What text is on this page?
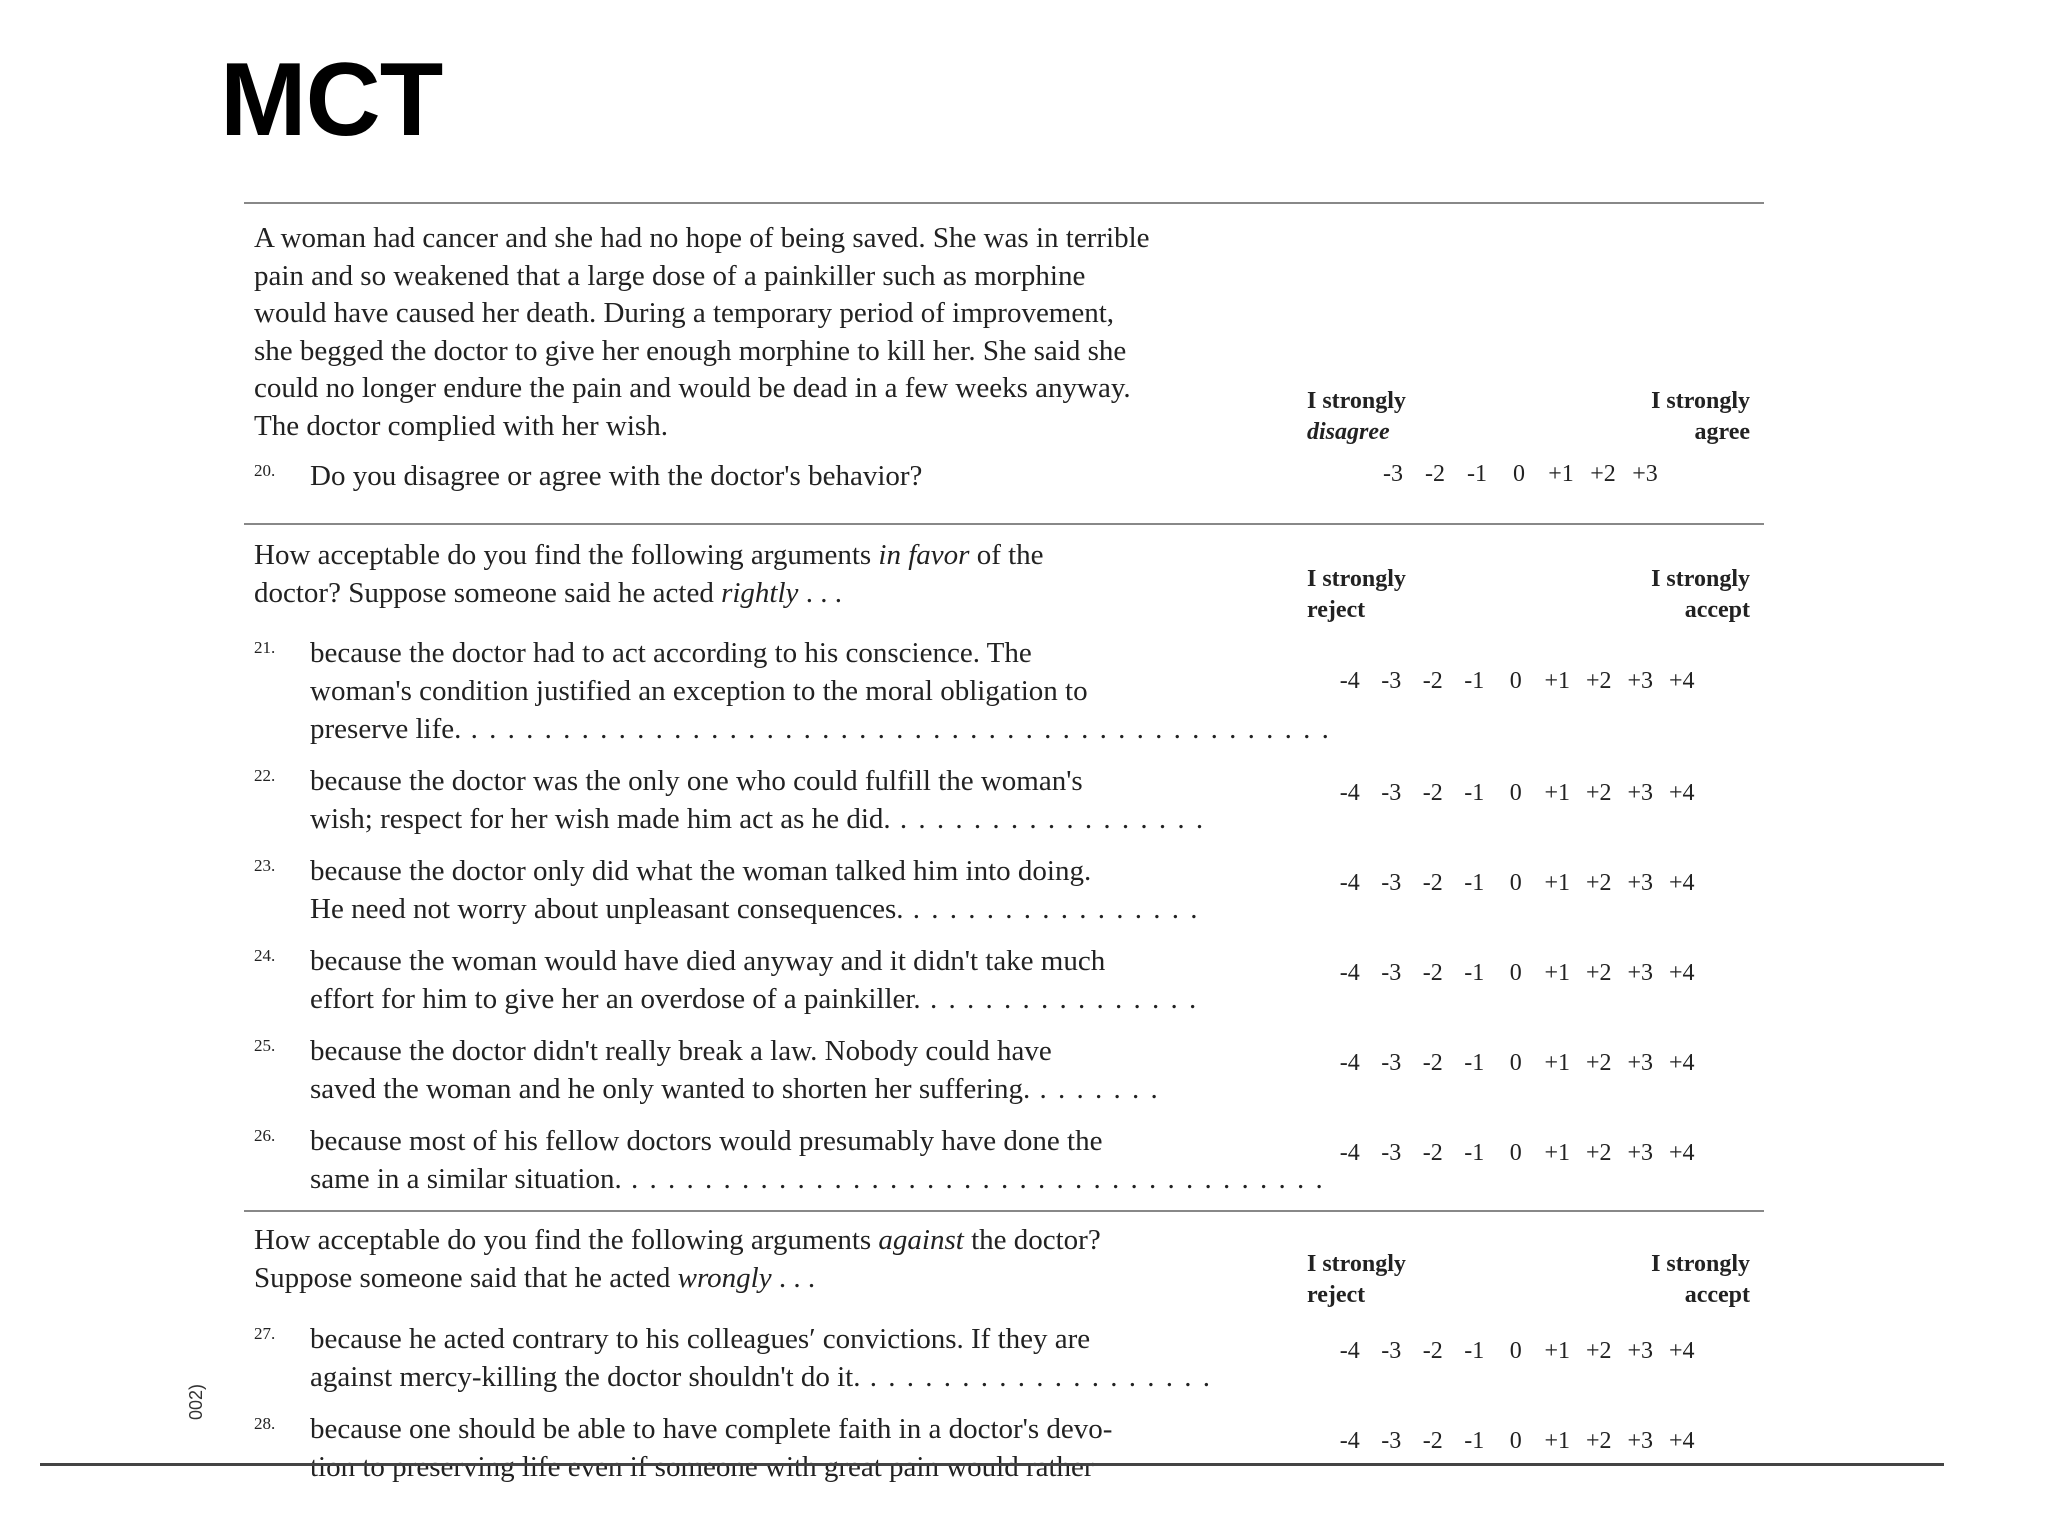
MCT
A woman had cancer and she had no hope of being saved. She was in terrible
pain and so weakened that a large dose of a painkiller such as morphine
would have caused her death. During a temporary period of improvement,
she begged the doctor to give her enough morphine to kill her. She said she
could no longer endure the pain and would be dead in a few weeks anyway.
The doctor complied with her wish.
I strongly
disagree
I strongly
agree
20. Do you disagree or agree with the doctor's behavior?	-3 -2 -1 0 +1 +2 +3
How acceptable do you find the following arguments in favor of the
doctor? Suppose someone said he acted rightly . . .	I strongly
reject
I strongly
accept
21. because the doctor had to act according to his conscience. The
woman's condition justified an exception to the moral obligation to
preserve life. . . . . . . . . . . . . . . . . . . . . . . . . . . . . . . . . . . . . . . . . . . . . . . .
-4 -3 -2 -1 0 +1 +2 +3 +4
22. because the doctor was the only one who could fulfill the woman's
wish; respect for her wish made him act as he did. . . . . . . . . . . . . . . . . .
-4 -3 -2 -1 0 +1 +2 +3 +4
23. because the doctor only did what the woman talked him into doing.
He need not worry about unpleasant consequences. . . . . . . . . . . . . . . . .
-4 -3 -2 -1 0 +1 +2 +3 +4
24. because the woman would have died anyway and it didn't take much
effort for him to give her an overdose of a painkiller. . . . . . . . . . . . . . . .
-4 -3 -2 -1 0 +1 +2 +3 +4
25. because the doctor didn't really break a law. Nobody could have
saved the woman and he only wanted to shorten her suffering. . . . . . . .
-4 -3 -2 -1 0 +1 +2 +3 +4
26. because most of his fellow doctors would presumably have done the
same in a similar situation. . . . . . . . . . . . . . . . . . . . . . . . . . . . . . . . . . . . . . .
-4 -3 -2 -1 0 +1 +2 +3 +4
How acceptable do you find the following arguments against the doctor?
Suppose someone said that he acted wrongly . . .	I strongly
reject
I strongly
accept
27. because he acted contrary to his colleagues′ convictions. If they are
against mercy-killing the doctor shouldn't do it. . . . . . . . . . . . . . . . . . . .
-4 -3 -2 -1 0 +1 +2 +3 +4
28. because one should be able to have complete faith in a doctor's devo-
tion to preserving life even if someone with great pain would rather
-4 -3 -2 -1 0 +1 +2 +3 +4
002)
